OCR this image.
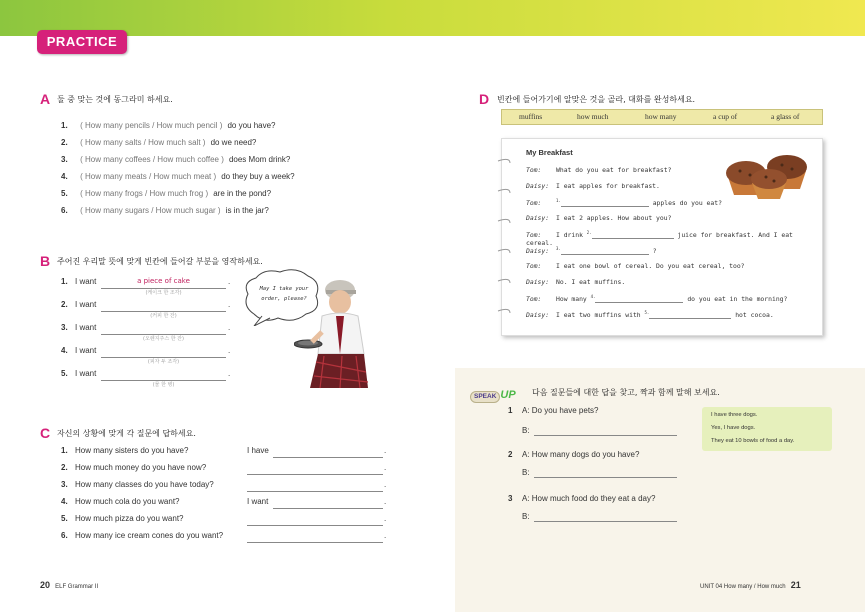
PRACTICE
A 둘 중 맞는 것에 동그라미 하세요.
1. ( How many pencils / How much pencil ) do you have?
2. ( How many salts / How much salt ) do we need?
3. ( How many coffees / How much coffee ) does Mom drink?
4. ( How many meats / How much meat ) do they buy a week?
5. ( How many frogs / How much frog ) are in the pond?
6. ( How many sugars / How much sugar ) is in the jar?
B 주어진 우리말 뜻에 맞게 빈칸에 들어갈 부분을 영작하세요.
1. I want	a piece of cake	.
(케이크 한 조각)
2. I want	.
(커피 한 잔)
3. I want	.
(오렌지주스 한 잔)
4. I want	.
(피자 두 조각)
5. I want	.
(물 한 병)
May I take your order, please?
C 자신의 상황에 맞게 각 질문에 답하세요.
1. How many sisters do you have?	I have	.
2. How much money do you have now?	.
3. How many classes do you have today?	.
4. How much cola do you want?	I want	.
5. How much pizza do you want?	.
6. How many ice cream cones do you want?	.
20 ELF Grammar II
D 빈칸에 들어가기에 알맞은 것을 골라, 대화를 완성하세요.
muffins	how much	how many	a cup of	a glass of
My Breakfast
Tom: What do you eat for breakfast?
Daisy: I eat apples for breakfast.
Tom:	$^{1.}$	apples do you eat?
Daisy: I eat 2 apples. How about you?
Tom: I drink $^{2.}$	juice for breakfast. And I eat cereal.
Daisy: $^{3.}$	?
Tom: I eat one bowl of cereal. Do you eat cereal, too?
Daisy: No. I eat muffins.
Tom: How many $^{4.}$	do you eat in the morning?
Daisy: I eat two muffins with $^{5.}$	hot cocoa.
SPEAK UP	다음 질문들에 대한 답을 찾고, 짝과 함께 말해 보세요.
1 A: Do you have pets?
B:
2 A: How many dogs do you have?
B:
3 A: How much food do they eat a day?
B:
I have three dogs.
Yes, I have dogs.
They eat 10 bowls of food a day.
UNIT 04 How many / How much 21
